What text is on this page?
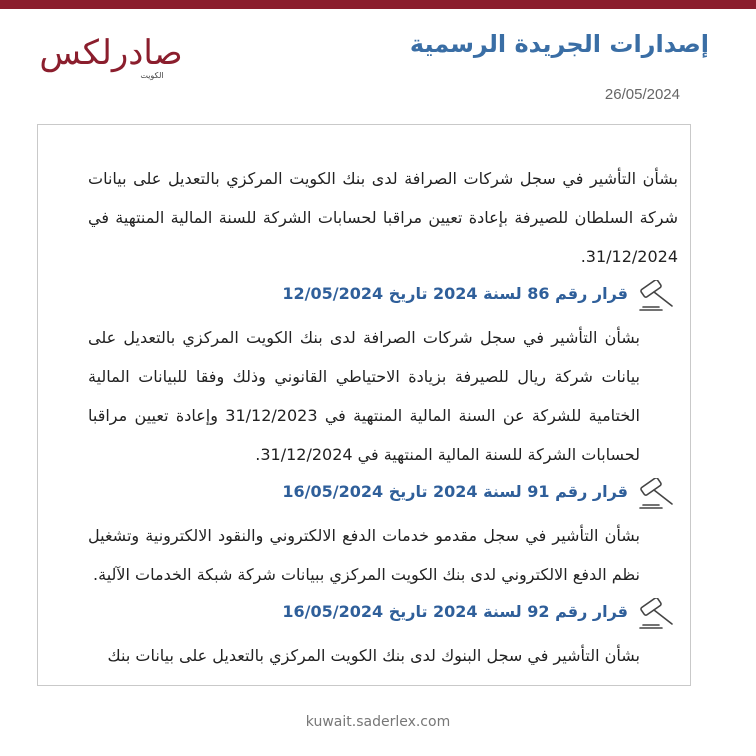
إصدارات الجريدة الرسمية
26/05/2024
صادرلكس
الكويت

بشأن التأشير في سجل شركات الصرافة لدى بنك الكويت المركزي بالتعديل على بيانات شركة السلطان للصيرفة بإعادة تعيين مراقبا لحسابات الشركة للسنة المالية المنتهية في 31/12/2024.

قرار رقم 86 لسنة 2024 تاريخ 12/05/2024

بشأن التأشير في سجل شركات الصرافة لدى بنك الكويت المركزي بالتعديل على بيانات شركة ريال للصيرفة بزيادة الاحتياطي القانوني وذلك وفقا للبيانات المالية الختامية للشركة عن السنة المالية المنتهية في 31/12/2023 وإعادة تعيين مراقبا لحسابات الشركة للسنة المالية المنتهية في 31/12/2024.

قرار رقم 91 لسنة 2024 تاريخ 16/05/2024

بشأن التأشير في سجل مقدمو خدمات الدفع الالكتروني والنقود الالكترونية وتشغيل نظم الدفع الالكتروني لدى بنك الكويت المركزي ببيانات شركة شبكة الخدمات الآلية.

قرار رقم 92 لسنة 2024 تاريخ 16/05/2024

بشأن التأشير في سجل البنوك لدى بنك الكويت المركزي بالتعديل على بيانات بنك

kuwait.saderlex.com
